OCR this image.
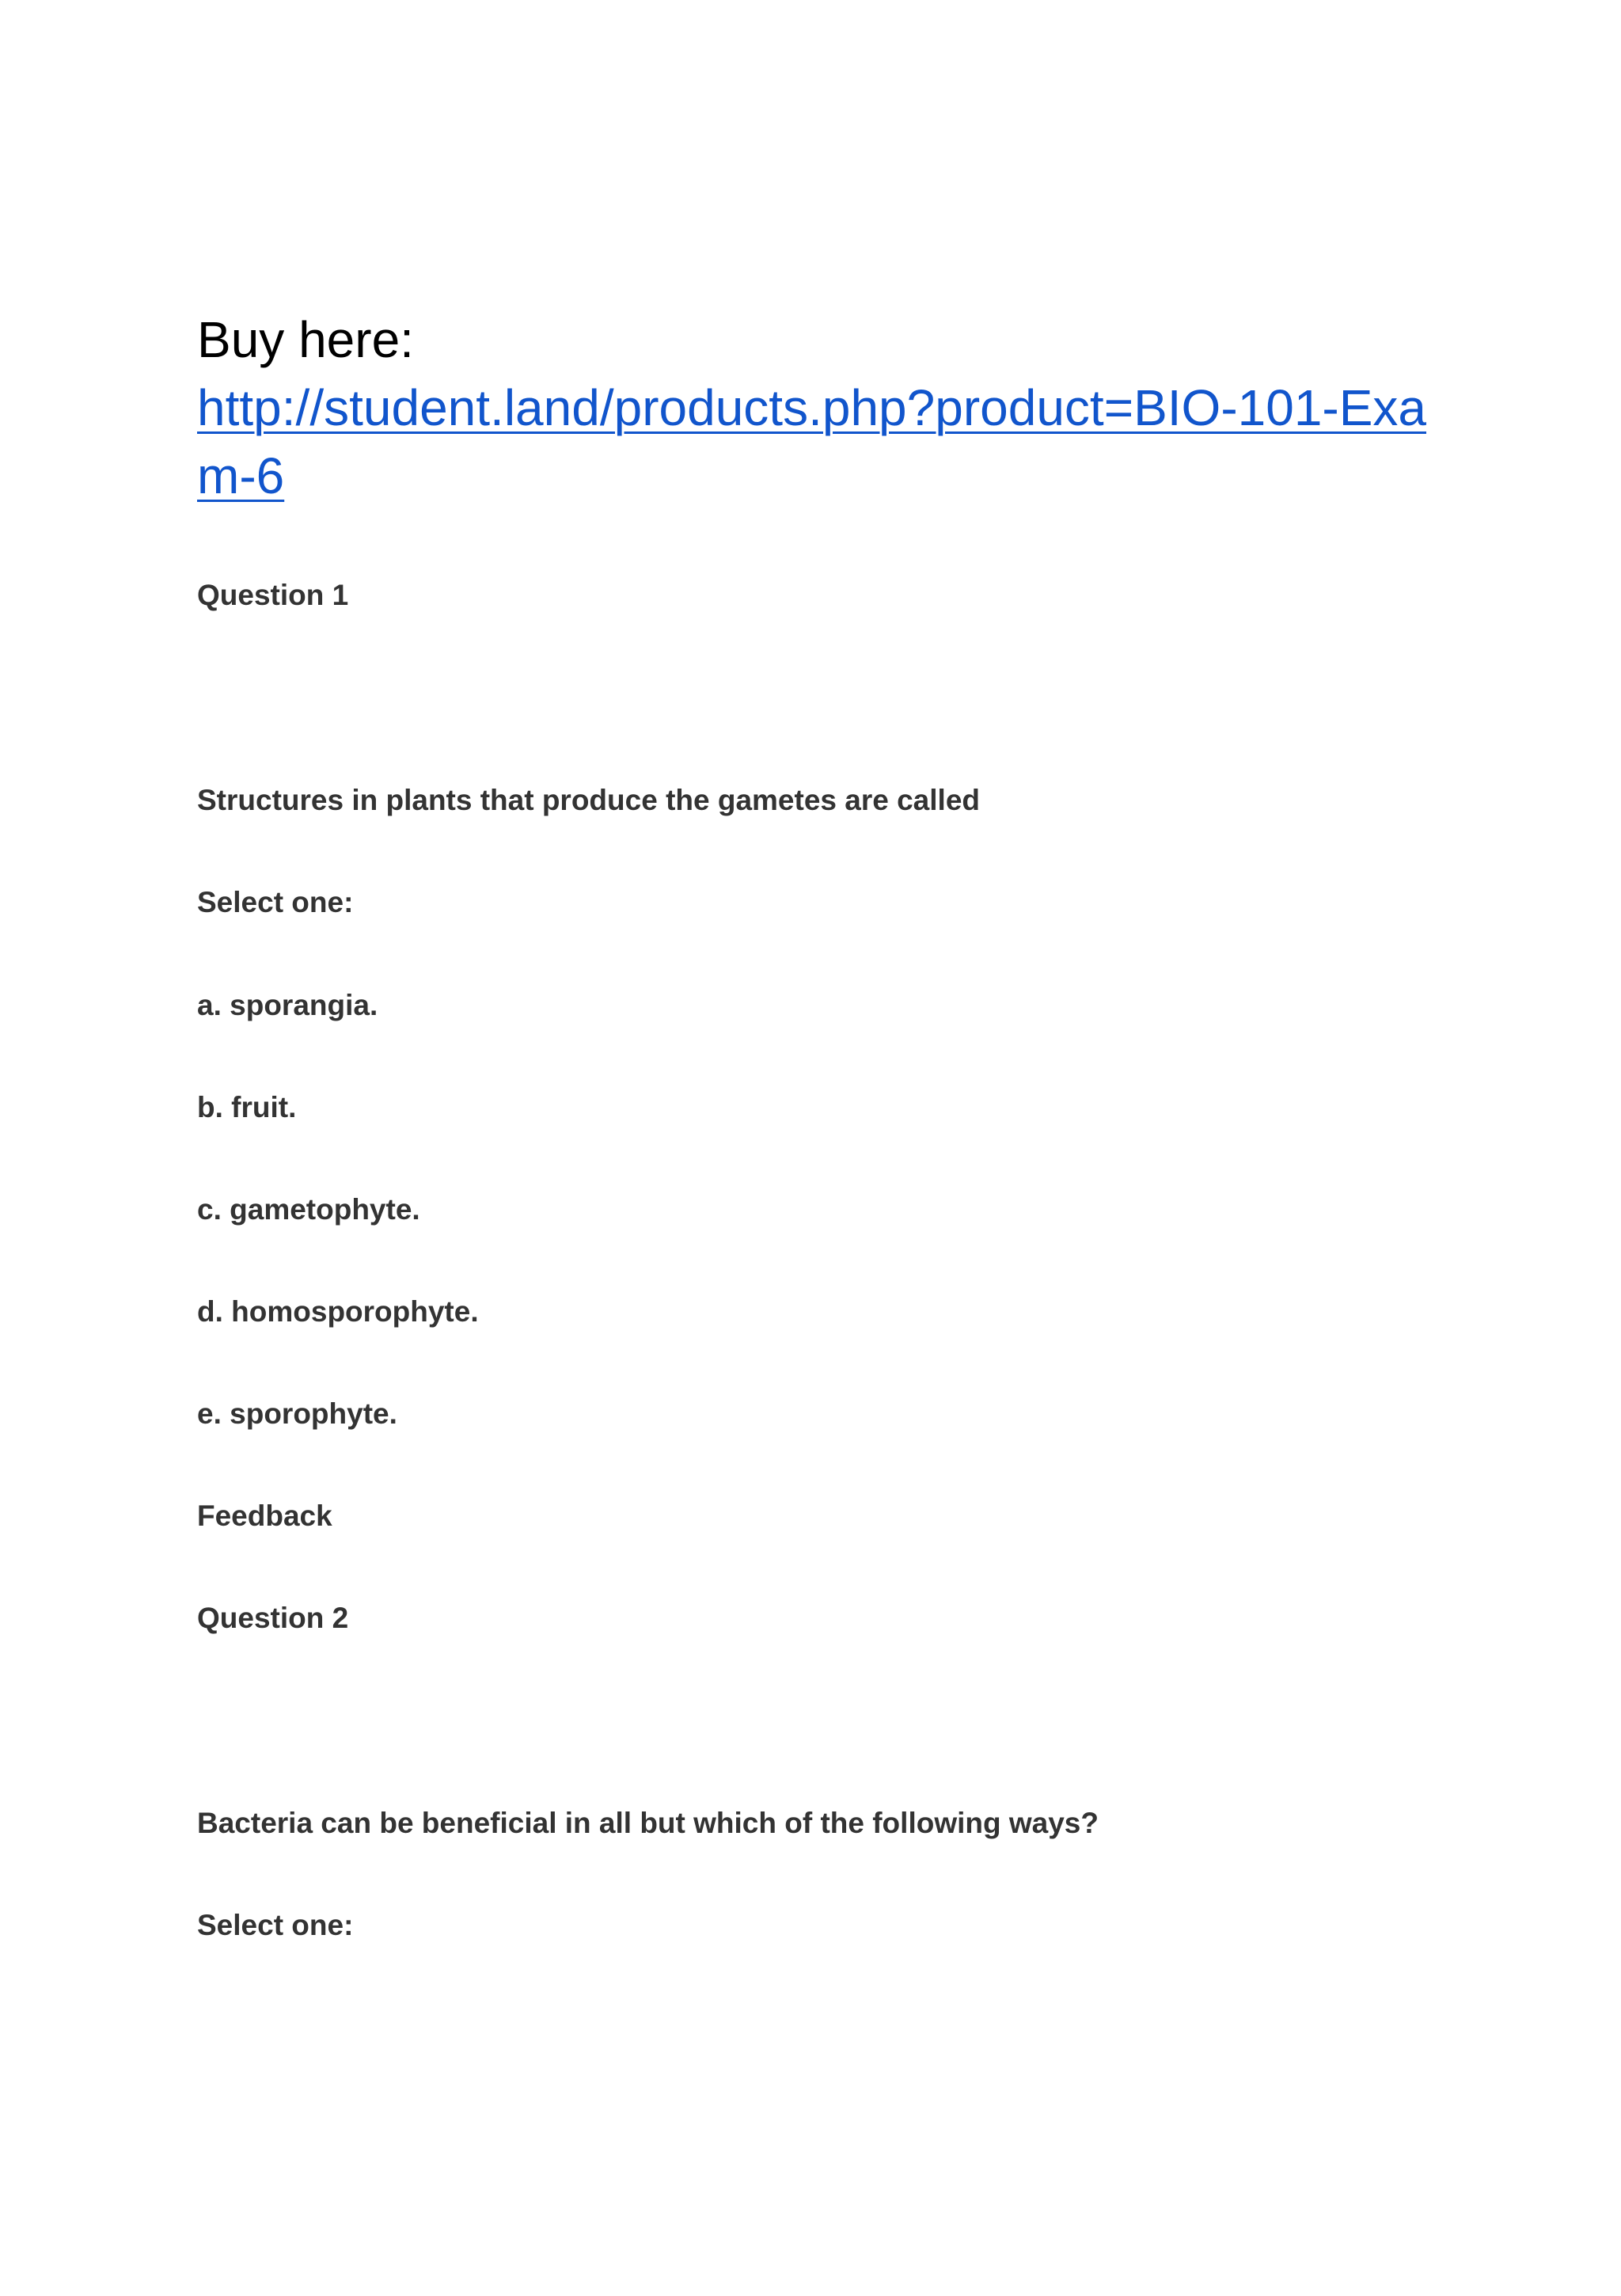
Buy here:
http://student.land/products.php?product=BIO-101-Exam-6

Question 1

Structures in plants that produce the gametes are called

Select one:

a. sporangia.

b. fruit.

c. gametophyte.

d. homosporophyte.

e. sporophyte.

Feedback

Question 2

Bacteria can be beneficial in all but which of the following ways?

Select one:
